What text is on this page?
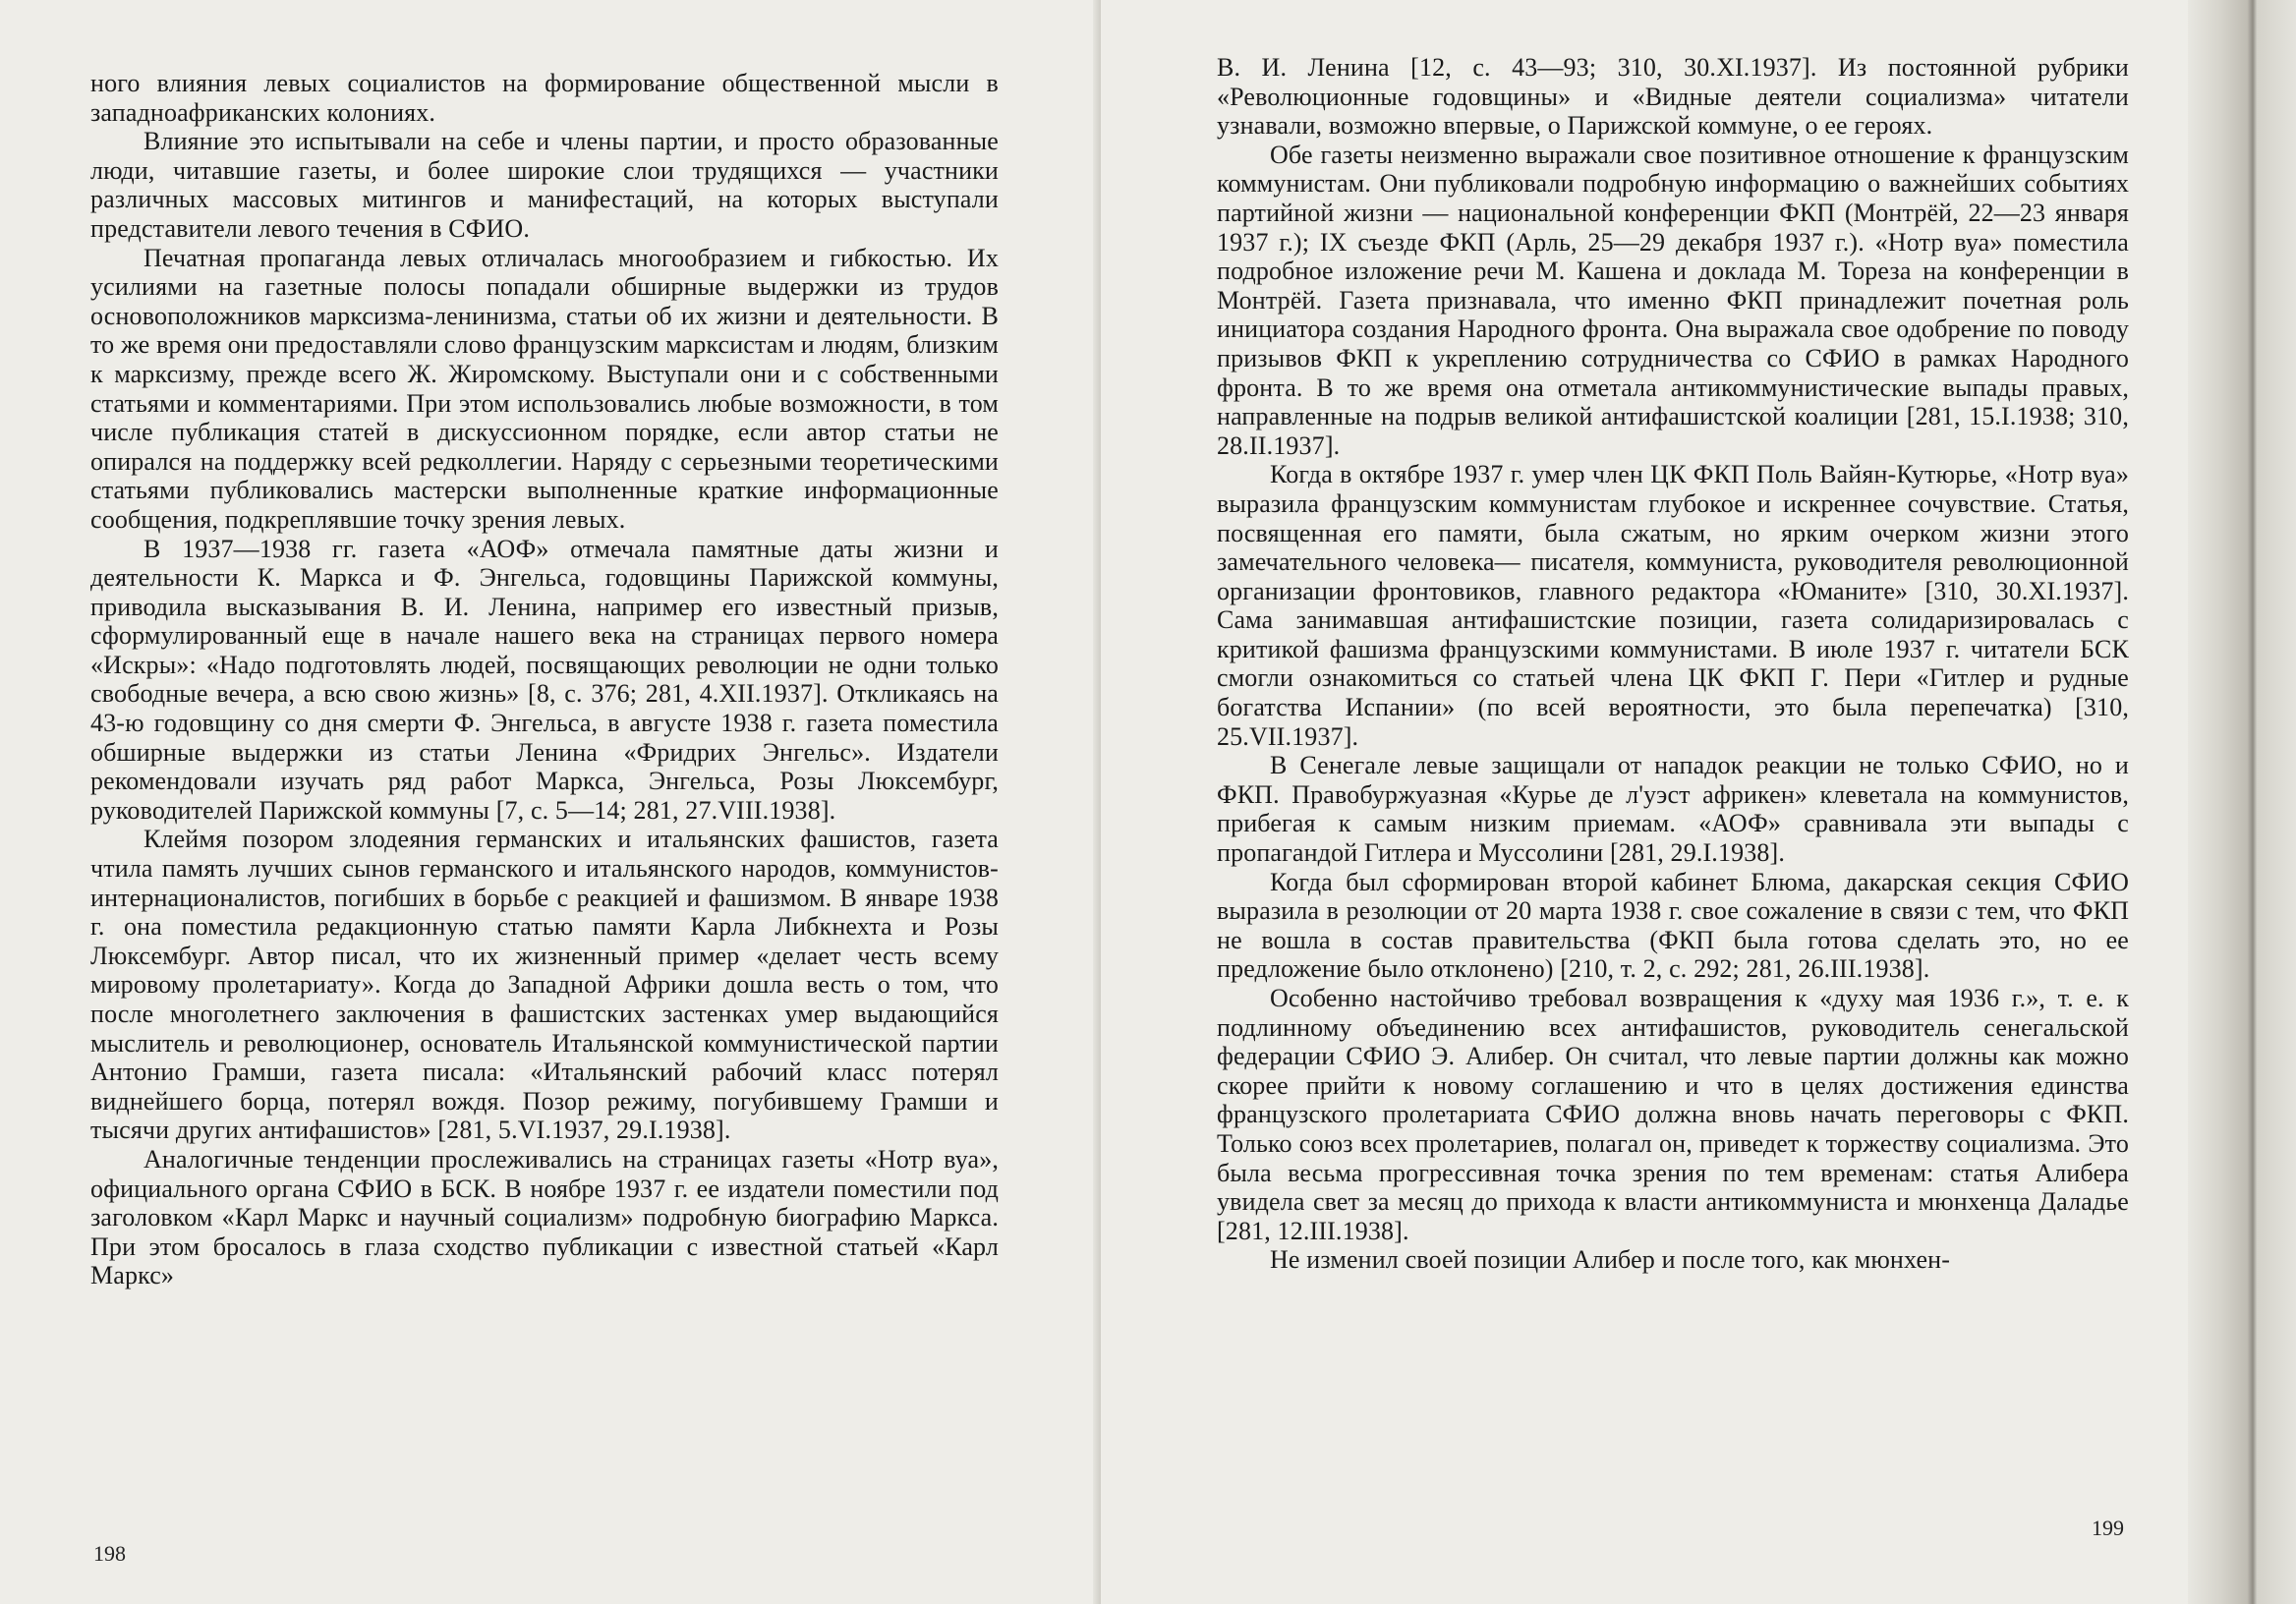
ного влияния левых социалистов на формирование общественной мысли в западноафриканских колониях.

Влияние это испытывали на себе и члены партии, и просто образованные люди, читавшие газеты, и более широкие слои трудящихся — участники различных массовых митингов и манифестаций, на которых выступали представители левого течения в СФИО.

Печатная пропаганда левых отличалась многообразием и гибкостью. Их усилиями на газетные полосы попадали обширные выдержки из трудов основоположников марксизма-ленинизма, статьи об их жизни и деятельности. В то же время они предоставляли слово французским марксистам и людям, близким к марксизму, прежде всего Ж. Жиромскому. Выступали они и с собственными статьями и комментариями. При этом использовались любые возможности, в том числе публикация статей в дискуссионном порядке, если автор статьи не опирался на поддержку всей редколлегии. Наряду с серьезными теоретическими статьями публиковались мастерски выполненные краткие информационные сообщения, подкреплявшие точку зрения левых.

В 1937—1938 гг. газета «АОФ» отмечала памятные даты жизни и деятельности К. Маркса и Ф. Энгельса, годовщины Парижской коммуны, приводила высказывания В. И. Ленина, например его известный призыв, сформулированный еще в начале нашего века на страницах первого номера «Искры»: «Надо подготовлять людей, посвящающих революции не одни только свободные вечера, а всю свою жизнь» [8, с. 376; 281, 4.XII.1937]. Откликаясь на 43-ю годовщину со дня смерти Ф. Энгельса, в августе 1938 г. газета поместила обширные выдержки из статьи Ленина «Фридрих Энгельс». Издатели рекомендовали изучать ряд работ Маркса, Энгельса, Розы Люксембург, руководителей Парижской коммуны [7, с. 5—14; 281, 27.VIII.1938].

Клеймя позором злодеяния германских и итальянских фашистов, газета чтила память лучших сынов германского и итальянского народов, коммунистов-интернационалистов, погибших в борьбе с реакцией и фашизмом. В январе 1938 г. она поместила редакционную статью памяти Карла Либкнехта и Розы Люксембург. Автор писал, что их жизненный пример «делает честь всему мировому пролетариату». Когда до Западной Африки дошла весть о том, что после многолетнего заключения в фашистских застенках умер выдающийся мыслитель и революционер, основатель Итальянской коммунистической партии Антонио Грамши, газета писала: «Итальянский рабочий класс потерял виднейшего борца, потерял вождя. Позор режиму, погубившему Грамши и тысячи других антифашистов» [281, 5.VI.1937, 29.I.1938].

Аналогичные тенденции прослеживались на страницах газеты «Нотр вуа», официального органа СФИО в БСК. В ноябре 1937 г. ее издатели поместили под заголовком «Карл Маркс и научный социализм» подробную биографию Маркса. При этом бросалось в глаза сходство публикации с известной статьей «Карл Маркс»

198

В. И. Ленина [12, с. 43—93; 310, 30.XI.1937]. Из постоянной рубрики «Революционные годовщины» и «Видные деятели социализма» читатели узнавали, возможно впервые, о Парижской коммуне, о ее героях.

Обе газеты неизменно выражали свое позитивное отношение к французским коммунистам. Они публиковали подробную информацию о важнейших событиях партийной жизни — национальной конференции ФКП (Монтрёй, 22—23 января 1937 г.); IX съезде ФКП (Арль, 25—29 декабря 1937 г.). «Нотр вуа» поместила подробное изложение речи М. Кашена и доклада М. Тореза на конференции в Монтрёй. Газета признавала, что именно ФКП принадлежит почетная роль инициатора создания Народного фронта. Она выражала свое одобрение по поводу призывов ФКП к укреплению сотрудничества со СФИО в рамках Народного фронта. В то же время она отметала антикоммунистические выпады правых, направленные на подрыв великой антифашистской коалиции [281, 15.I.1938; 310, 28.II.1937].

Когда в октябре 1937 г. умер член ЦК ФКП Поль Вайян-Кутюрье, «Нотр вуа» выразила французским коммунистам глубокое и искреннее сочувствие. Статья, посвященная его памяти, была сжатым, но ярким очерком жизни этого замечательного человека— писателя, коммуниста, руководителя революционной организации фронтовиков, главного редактора «Юманите» [310, 30.XI.1937]. Сама занимавшая антифашистские позиции, газета солидаризировалась с критикой фашизма французскими коммунистами. В июле 1937 г. читатели БСК смогли ознакомиться со статьей члена ЦК ФКП Г. Пери «Гитлер и рудные богатства Испании» (по всей вероятности, это была перепечатка) [310, 25.VII.1937].

В Сенегале левые защищали от нападок реакции не только СФИО, но и ФКП. Правобуржуазная «Курье де л'уэст африкен» клеветала на коммунистов, прибегая к самым низким приемам. «АОФ» сравнивала эти выпады с пропагандой Гитлера и Муссолини [281, 29.I.1938].

Когда был сформирован второй кабинет Блюма, дакарская секция СФИО выразила в резолюции от 20 марта 1938 г. свое сожаление в связи с тем, что ФКП не вошла в состав правительства (ФКП была готова сделать это, но ее предложение было отклонено) [210, т. 2, с. 292; 281, 26.III.1938].

Особенно настойчиво требовал возвращения к «духу мая 1936 г.», т. е. к подлинному объединению всех антифашистов, руководитель сенегальской федерации СФИО Э. Алибер. Он считал, что левые партии должны как можно скорее прийти к новому соглашению и что в целях достижения единства французского пролетариата СФИО должна вновь начать переговоры с ФКП. Только союз всех пролетариев, полагал он, приведет к торжеству социализма. Это была весьма прогрессивная точка зрения по тем временам: статья Алибера увидела свет за месяц до прихода к власти антикоммуниста и мюнхенца Даладье [281, 12.III.1938].

Не изменил своей позиции Алибер и после того, как мюнхен-

199
